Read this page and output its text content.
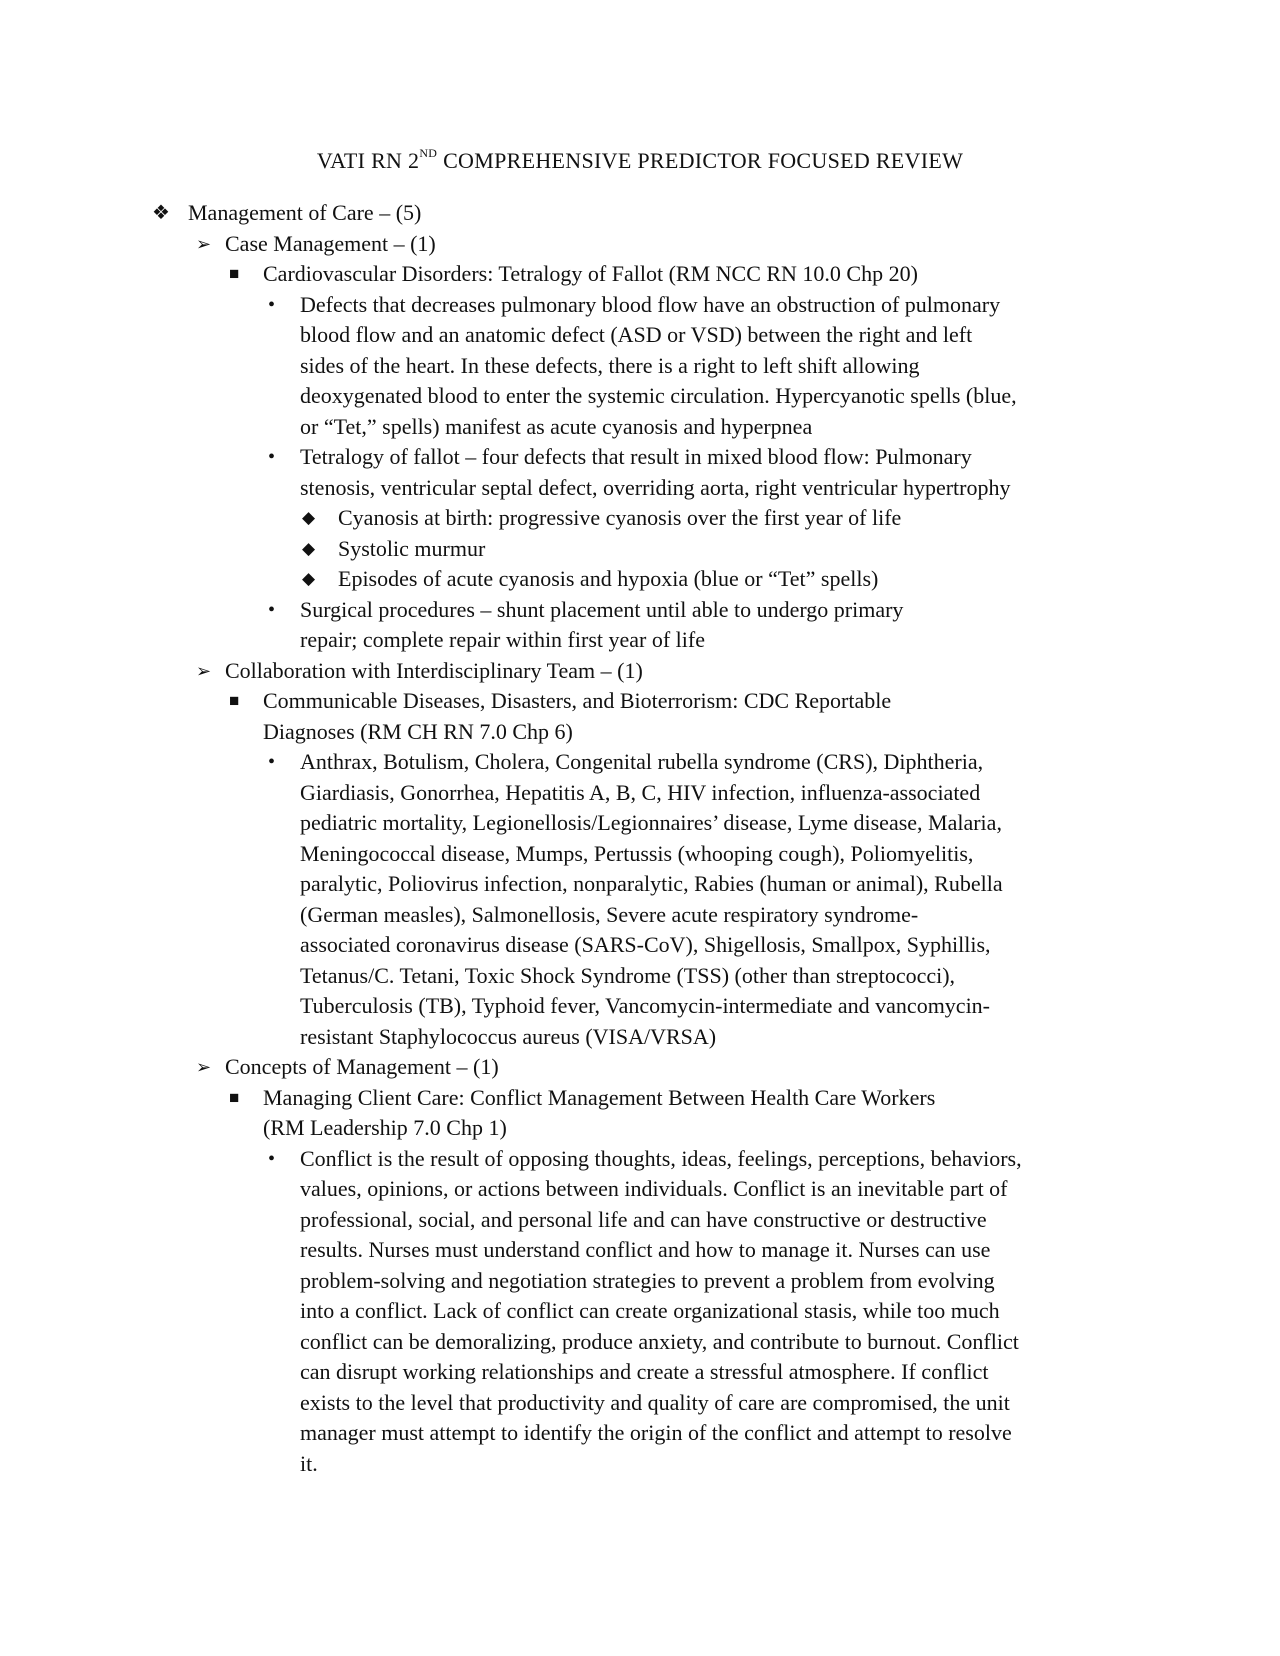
VATI RN 2ND COMPREHENSIVE PREDICTOR FOCUSED REVIEW
❖ Management of Care – (5)
➢ Case Management – (1)
■	Cardiovascular Disorders: Tetralogy of Fallot (RM NCC RN 10.0 Chp 20)
•	Defects that decreases pulmonary blood flow have an obstruction of pulmonary
blood flow and an anatomic defect (ASD or VSD) between the right and left
sides of the heart. In these defects, there is a right to left shift allowing
deoxygenated blood to enter the systemic circulation. Hypercyanotic spells (blue,
or “Tet,” spells) manifest as acute cyanosis and hyperpnea
•	Tetralogy of fallot – four defects that result in mixed blood flow: Pulmonary
stenosis, ventricular septal defect, overriding aorta, right ventricular hypertrophy
◆	Cyanosis at birth: progressive cyanosis over the first year of life
◆	Systolic murmur
◆	Episodes of acute cyanosis and hypoxia (blue or “Tet” spells)
•	Surgical procedures – shunt placement until able to undergo primary
repair; complete repair within first year of life
➢ Collaboration with Interdisciplinary Team – (1)
■	Communicable Diseases, Disasters, and Bioterrorism: CDC Reportable
Diagnoses (RM CH RN 7.0 Chp 6)
•	Anthrax, Botulism, Cholera, Congenital rubella syndrome (CRS), Diphtheria,
Giardiasis, Gonorrhea, Hepatitis A, B, C, HIV infection, influenza-associated
pediatric mortality, Legionellosis/Legionnaires’ disease, Lyme disease, Malaria,
Meningococcal disease, Mumps, Pertussis (whooping cough), Poliomyelitis,
paralytic, Poliovirus infection, nonparalytic, Rabies (human or animal), Rubella
(German measles), Salmonellosis, Severe acute respiratory syndrome-
associated coronavirus disease (SARS-CoV), Shigellosis, Smallpox, Syphillis,
Tetanus/C. Tetani, Toxic Shock Syndrome (TSS) (other than streptococci),
Tuberculosis (TB), Typhoid fever, Vancomycin-intermediate and vancomycin-
resistant Staphylococcus aureus (VISA/VRSA)
➢ Concepts of Management – (1)
■	Managing Client Care: Conflict Management Between Health Care Workers
(RM Leadership 7.0 Chp 1)
•	Conflict is the result of opposing thoughts, ideas, feelings, perceptions, behaviors,
values, opinions, or actions between individuals. Conflict is an inevitable part of
professional, social, and personal life and can have constructive or destructive
results. Nurses must understand conflict and how to manage it. Nurses can use
problem-solving and negotiation strategies to prevent a problem from evolving
into a conflict. Lack of conflict can create organizational stasis, while too much
conflict can be demoralizing, produce anxiety, and contribute to burnout. Conflict
can disrupt working relationships and create a stressful atmosphere. If conflict
exists to the level that productivity and quality of care are compromised, the unit
manager must attempt to identify the origin of the conflict and attempt to resolve
it.
